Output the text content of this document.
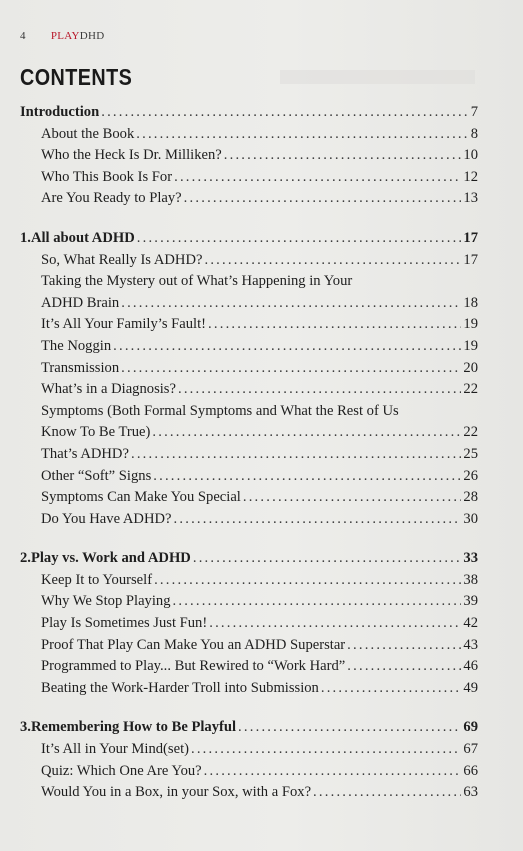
4 PLAYDHD
CONTENTS
Introduction .....	7
About the Book .....	8
Who the Heck Is Dr. Milliken? .....	10
Who This Book Is For .....	12
Are You Ready to Play? .....	13
1. All about ADHD .....	17
So, What Really Is ADHD? .....	17
Taking the Mystery out of What’s Happening in Your
ADHD Brain .....	18
It’s All Your Family’s Fault! .....	19
The Noggin .....	19
Transmission .....	20
What’s in a Diagnosis? .....	22
Symptoms (Both Formal Symptoms and What the Rest of Us
Know To Be True) .....	22
That’s ADHD? .....	25
Other “Soft” Signs .....	26
Symptoms Can Make You Special .....	28
Do You Have ADHD? .....	30
2. Play vs. Work and ADHD .....	33
Keep It to Yourself .....	38
Why We Stop Playing .....	39
Play Is Sometimes Just Fun! .....	42
Proof That Play Can Make You an ADHD Superstar .....	43
Programmed to Play... But Rewired to “Work Hard” .....	46
Beating the Work-Harder Troll into Submission .....	49
3. Remembering How to Be Playful .....	69
It’s All in Your Mind(set) .....	67
Quiz: Which One Are You? .....	66
Would You in a Box, in your Sox, with a Fox? .....	63
